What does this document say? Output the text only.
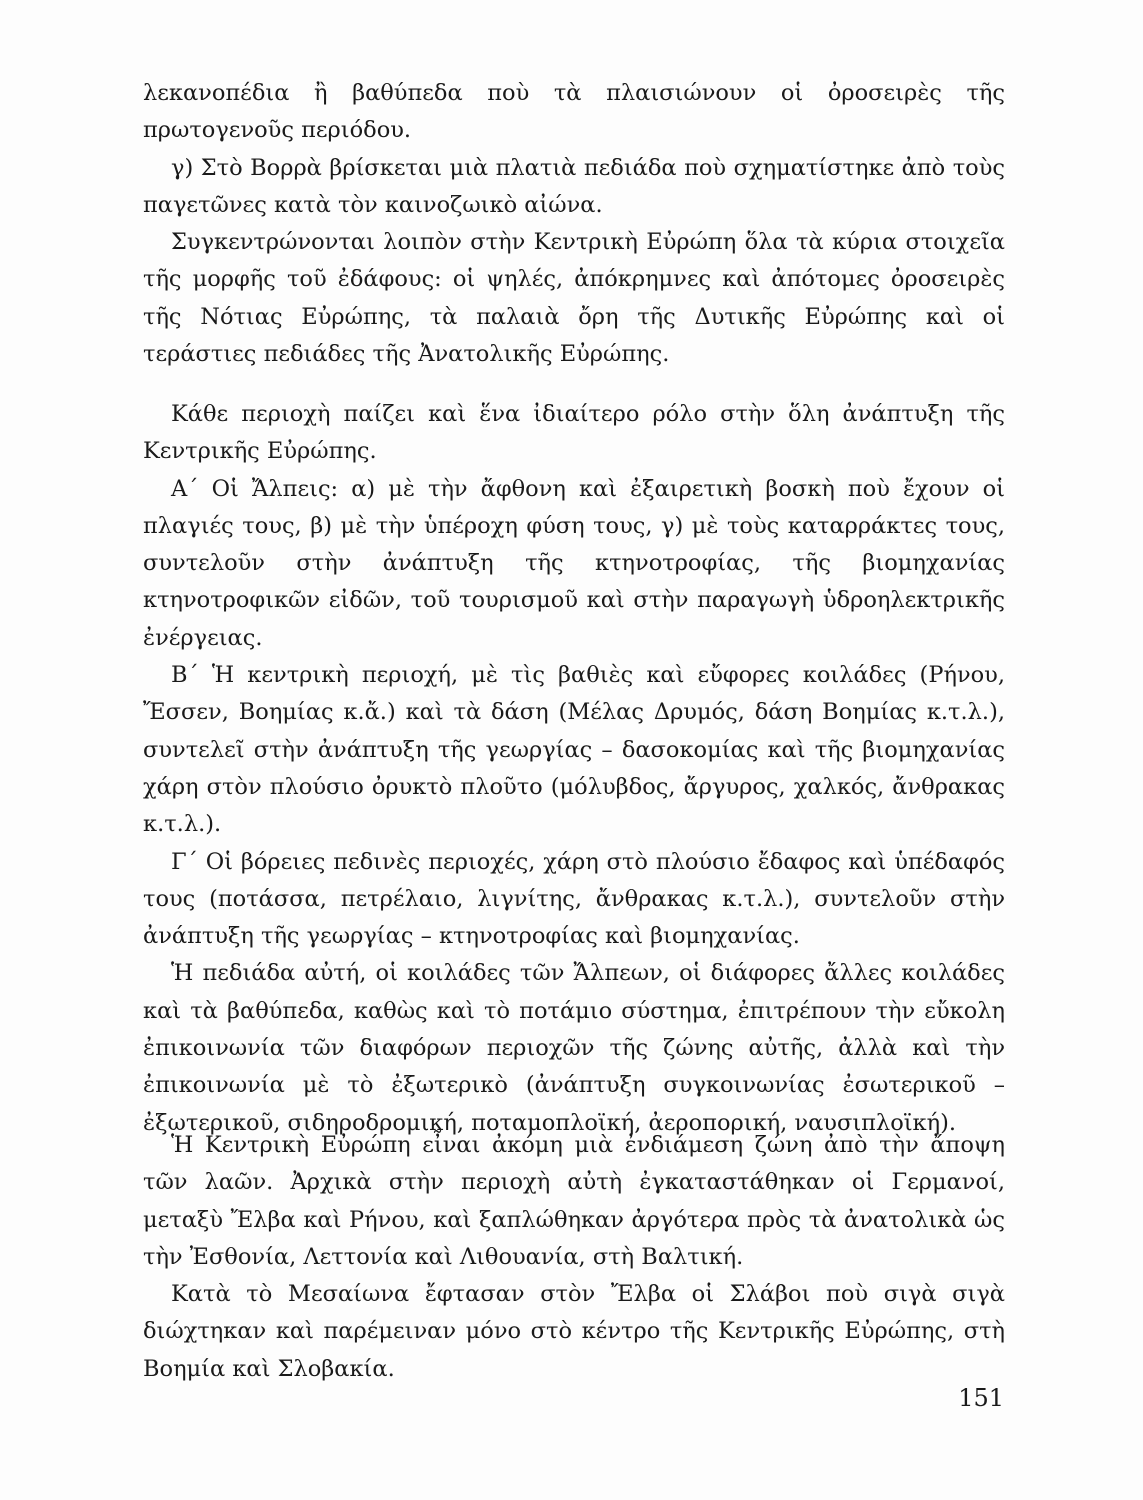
λεκανοπέδια ἢ βαθύπεδα ποὺ τὰ πλαισιώνουν οἱ ὀροσειρὲς τῆς πρωτογενοῦς περιόδου.

γ) Στὸ Βορρὰ βρίσκεται μιὰ πλατιὰ πεδιάδα ποὺ σχηματίστηκε ἀπὸ τοὺς παγετῶνες κατὰ τὸν καινοζωικὸ αἰώνα.

Συγκεντρώνονται λοιπὸν στὴν Κεντρικὴ Εὐρώπη ὅλα τὰ κύρια στοιχεῖα τῆς μορφῆς τοῦ ἐδάφους: οἱ ψηλές, ἀπόκρημνες καὶ ἀπότομες ὀροσειρὲς τῆς Νότιας Εὐρώπης, τὰ παλαιὰ ὄρη τῆς Δυτικῆς Εὐρώπης καὶ οἱ τεράστιες πεδιάδες τῆς Ἀνατολικῆς Εὐρώπης.

Κάθε περιοχὴ παίζει καὶ ἕνα ἰδιαίτερο ρόλο στὴν ὅλη ἀνάπτυξη τῆς Κεντρικῆς Εὐρώπης.

Α΄ Οἱ Ἄλπεις: α) μὲ τὴν ἄφθονη καὶ ἐξαιρετικὴ βοσκὴ ποὺ ἔχουν οἱ πλαγιές τους, β) μὲ τὴν ὑπέροχη φύση τους, γ) μὲ τοὺς καταρράκτες τους, συντελοῦν στὴν ἀνάπτυξη τῆς κτηνοτροφίας, τῆς βιομηχανίας κτηνοτροφικῶν εἰδῶν, τοῦ τουρισμοῦ καὶ στὴν παραγωγὴ ὑδροηλεκτρικῆς ἐνέργειας.

Β΄ Ἡ κεντρικὴ περιοχή, μὲ τὶς βαθιὲς καὶ εὔφορες κοιλάδες (Ρήνου, Ἔσσεν, Βοημίας κ.ἄ.) καὶ τὰ δάση (Μέλας Δρυμός, δάση Βοημίας κ.τ.λ.), συντελεῖ στὴν ἀνάπτυξη τῆς γεωργίας – δασοκομίας καὶ τῆς βιομηχανίας χάρη στὸν πλούσιο ὀρυκτὸ πλοῦτο (μόλυβδος, ἄργυρος, χαλκός, ἄνθρακας κ.τ.λ.).

Γ΄ Οἱ βόρειες πεδινὲς περιοχές, χάρη στὸ πλούσιο ἔδαφος καὶ ὑπέδαφός τους (ποτάσσα, πετρέλαιο, λιγνίτης, ἄνθρακας κ.τ.λ.), συντελοῦν στὴν ἀνάπτυξη τῆς γεωργίας – κτηνοτροφίας καὶ βιομηχανίας.

Ἡ πεδιάδα αὐτή, οἱ κοιλάδες τῶν Ἄλπεων, οἱ διάφορες ἄλλες κοιλάδες καὶ τὰ βαθύπεδα, καθὼς καὶ τὸ ποτάμιο σύστημα, ἐπιτρέπουν τὴν εὔκολη ἐπικοινωνία τῶν διαφόρων περιοχῶν τῆς ζώνης αὐτῆς, ἀλλὰ καὶ τὴν ἐπικοινωνία μὲ τὸ ἐξωτερικὸ (ἀνάπτυξη συγκοινωνίας ἐσωτερικοῦ – ἐξωτερικοῦ, σιδηροδρομική, ποταμοπλοϊκή, ἀεροπορική, ναυσιπλοϊκή).

Ἡ Κεντρικὴ Εὐρώπη εἶναι ἀκόμη μιὰ ἐνδιάμεση ζώνη ἀπὸ τὴν ἄποψη τῶν λαῶν. Ἀρχικὰ στὴν περιοχὴ αὐτὴ ἐγκαταστάθηκαν οἱ Γερμανοί, μεταξὺ Ἔλβα καὶ Ρήνου, καὶ ξαπλώθηκαν ἀργότερα πρὸς τὰ ἀνατολικὰ ὡς τὴν Ἐσθονία, Λεττονία καὶ Λιθουανία, στὴ Βαλτική.

Κατὰ τὸ Μεσαίωνα ἔφτασαν στὸν Ἔλβα οἱ Σλάβοι ποὺ σιγὰ σιγὰ διώχτηκαν καὶ παρέμειναν μόνο στὸ κέντρο τῆς Κεντρικῆς Εὐρώπης, στὴ Βοημία καὶ Σλοβακία.

151
